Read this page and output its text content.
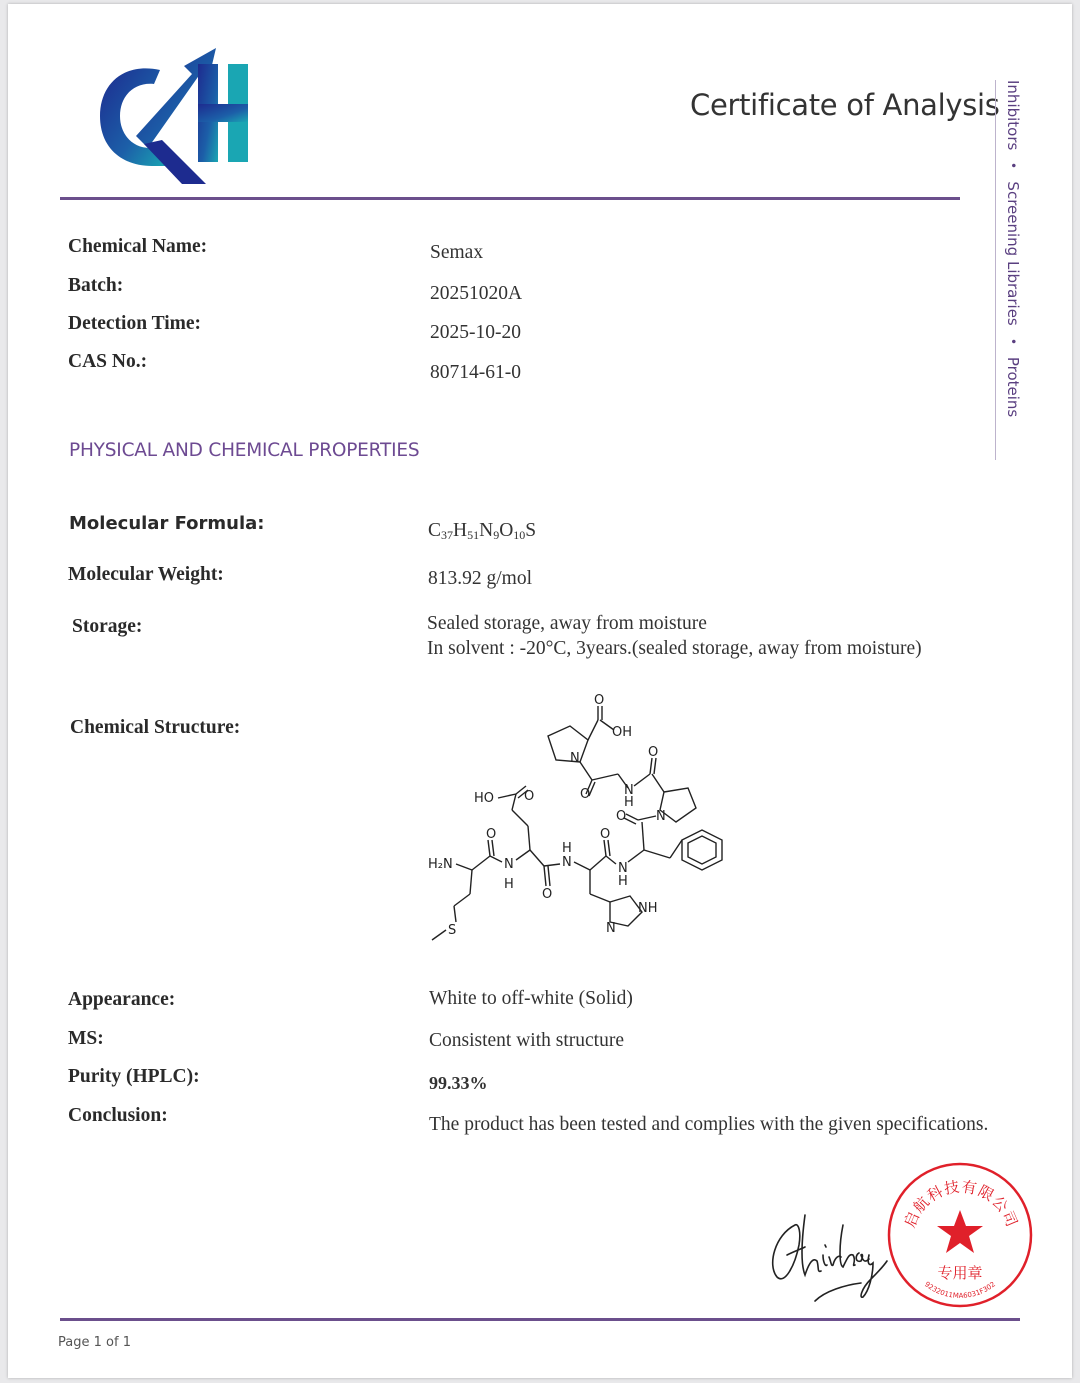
Certificate of Analysis Inhibitors•Screening Libraries•Proteins
Chemical Name:	Semax
Batch:	20251020A
Detection Time:	2025-10-20
CAS No.:
80714-61-0
PHYSICAL AND CHEMICAL PROPERTIES
Molecular Formula:	$C_{37}H_{51}N_9O_{10}S$
Molecular Weight:	813.92 g/mol
Storage:	Sealed storage, away from moisture
In solvent : -20°C, 3years.(sealed storage, away from moisture)
Chemical Structure:
O
OH
N
O	N
H
O
N
O
N
H
O
NH
N
N
H
O
O
HO
N
H
O
H₂N
S
Appearance:	White to off-white (Solid)
MS:	Consistent with structure
Purity (HPLC):	99.33%
Conclusion:	The product has been tested and complies with the given specifications.
启航科技有限公司
专用章
9232011MA6031F302
Page 1 of 1
